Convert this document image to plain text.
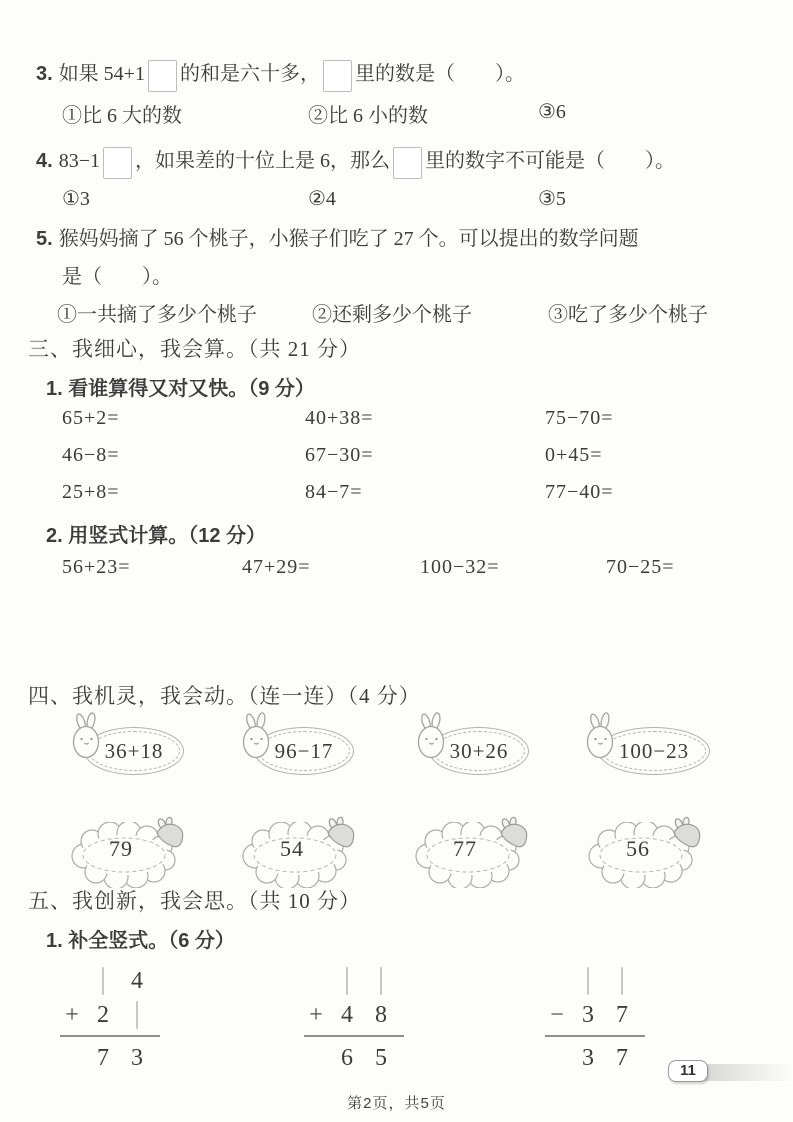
3. 如果 54+1 的和是六十多， 里的数是（　　）。
①比 6 大的数	②比 6 小的数	③6
4. 83−1 ，如果差的十位上是 6，那么 里的数字不可能是（　　）。
①3	②4	③5
5. 猴妈妈摘了 56 个桃子，小猴子们吃了 27 个。可以提出的数学问题
是（　　）。
①一共摘了多少个桃子	②还剩多少个桃子	③吃了多少个桃子
三、我细心，我会算。（共 21 分）
1. 看谁算得又对又快。（9 分）
65+2=	40+38=	75−70=
46−8=	67−30=	0+45=
25+8=	84−7=	77−40=
2. 用竖式计算。（12 分）
56+23=	47+29=	100−32=	70−25=
四、我机灵，我会动。（连一连）（4 分）
36+18	96−17	30+26	100−23
79	54	77	56
五、我创新，我会思。（共 10 分）
1. 补全竖式。（6 分）
4
+ 2
7 3
+ 4 8
6 5
− 3 7
3 7	11
第2页，共5页
